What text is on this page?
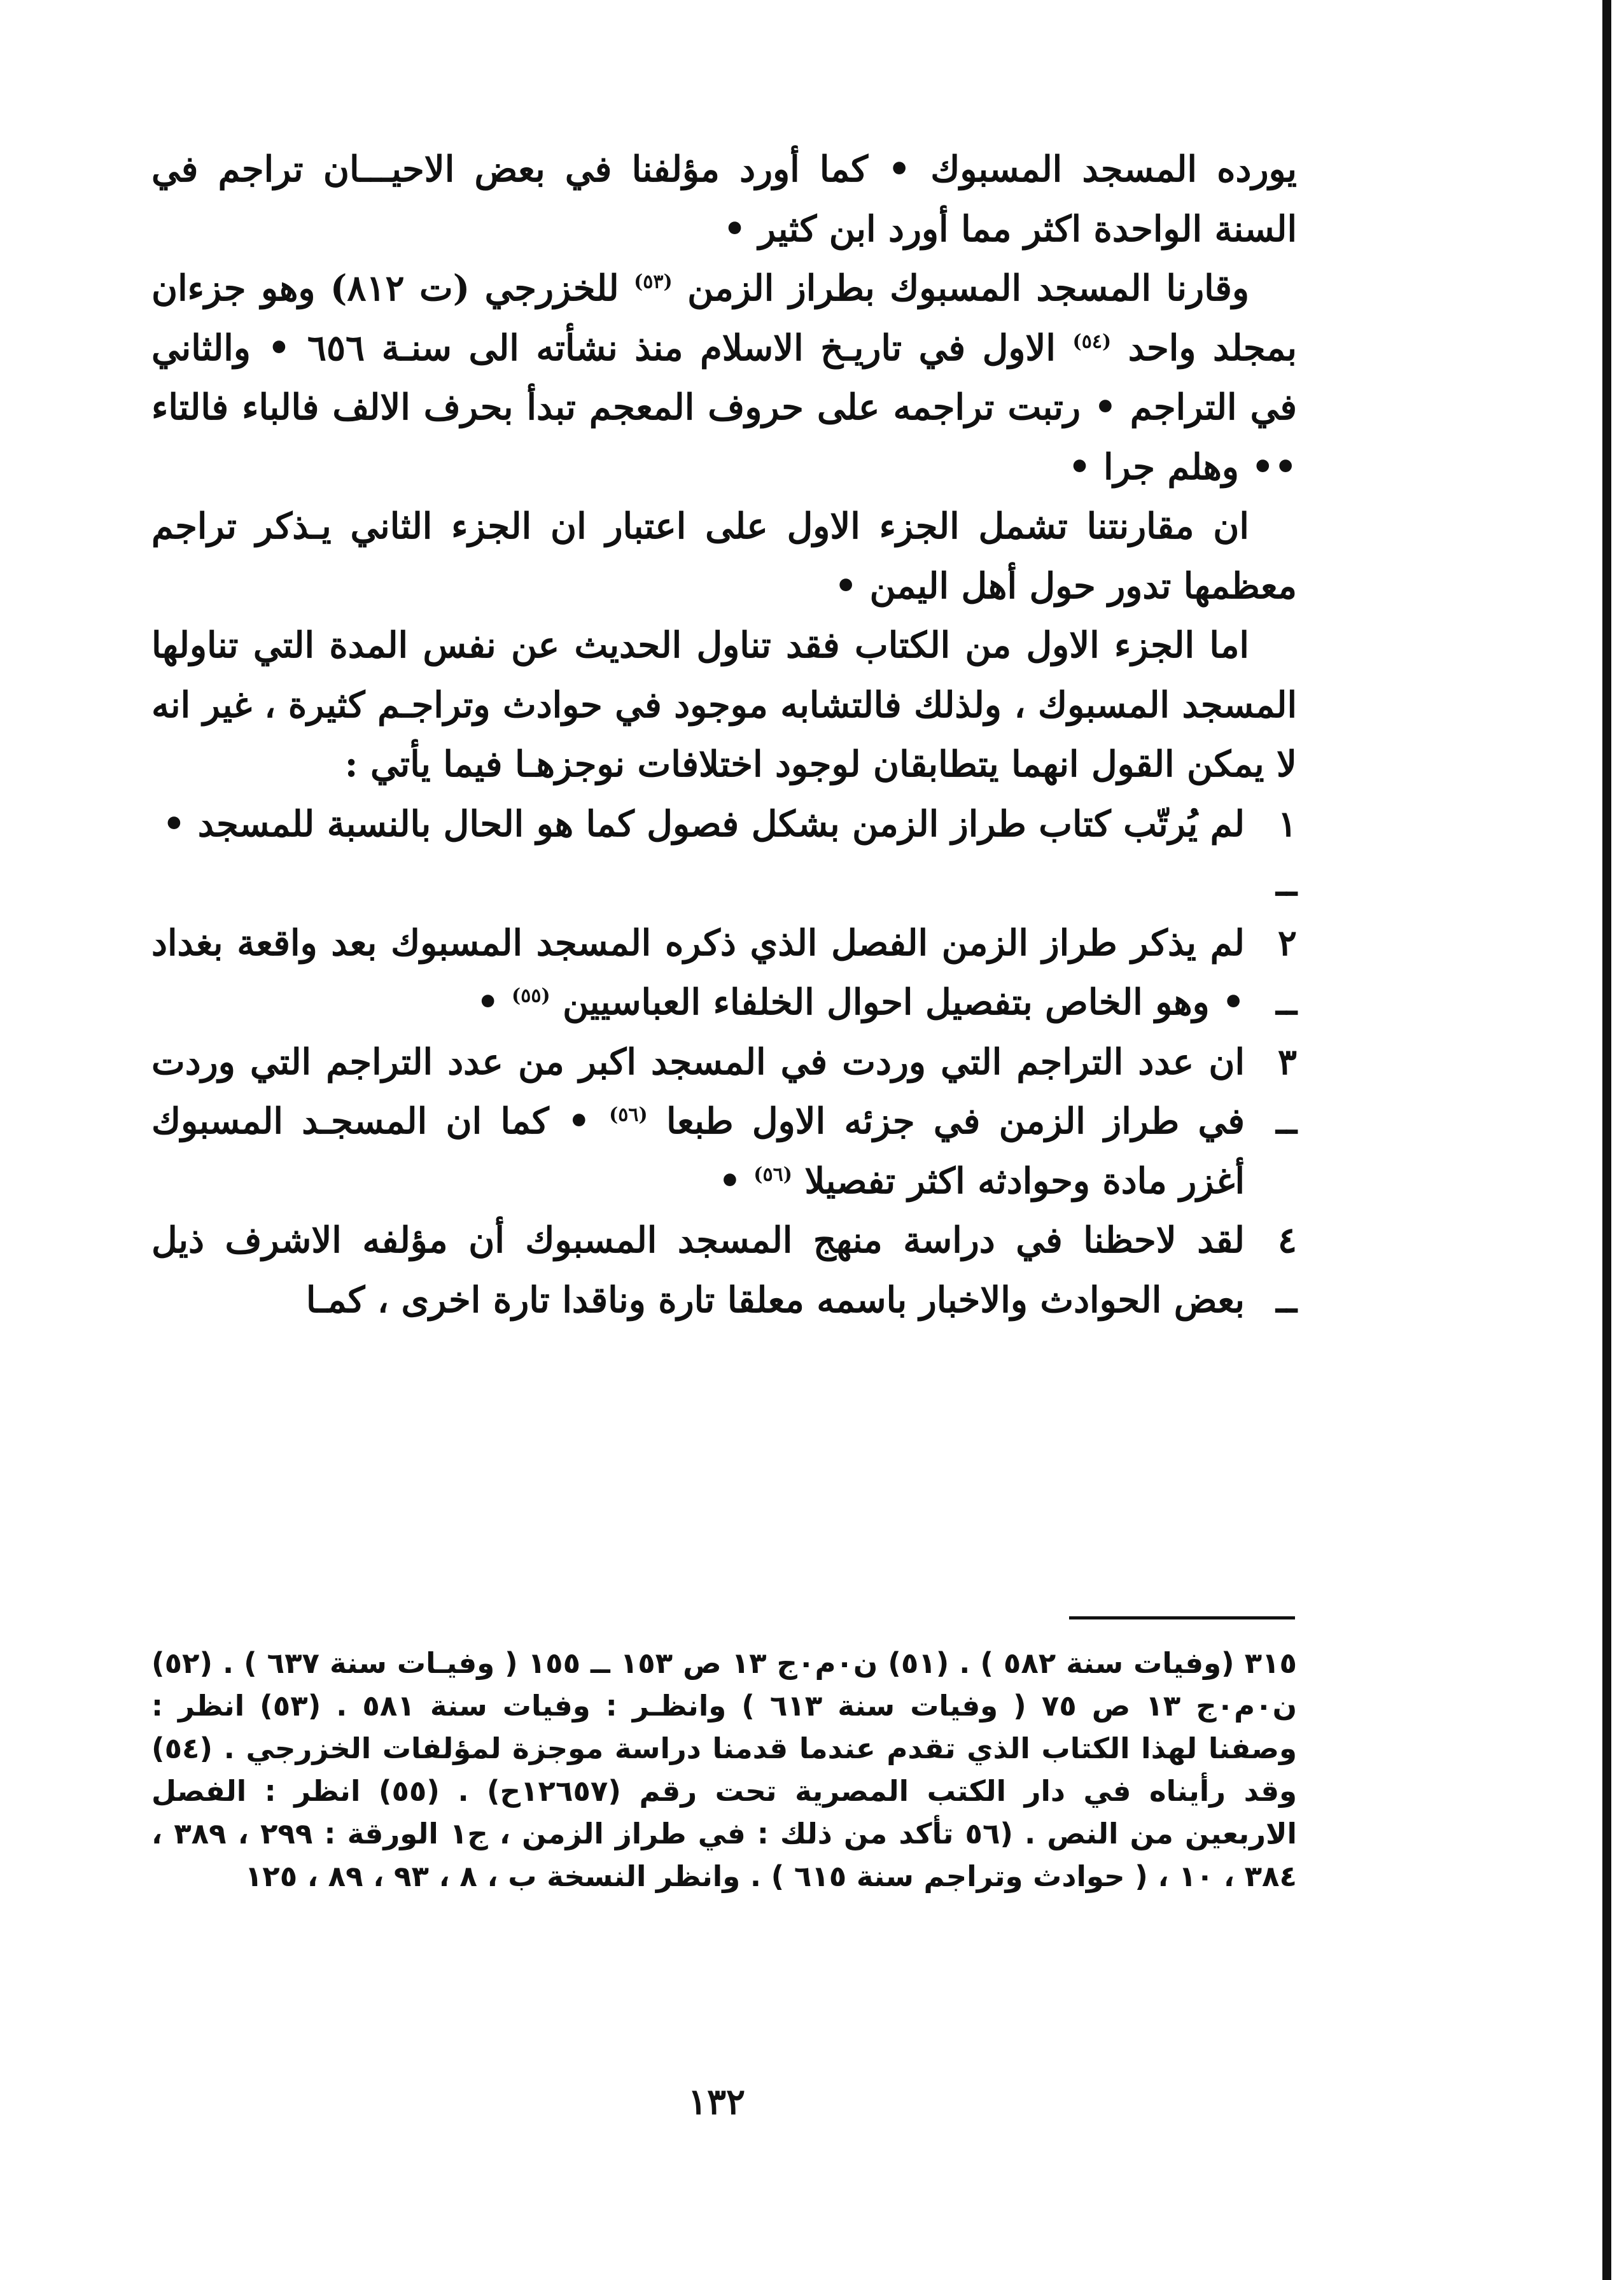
يورده المسجد المسبوك • كما أورد مؤلفنا في بعض الاحيـــان تراجم في السنة الواحدة اكثر مما أورد ابن كثير •

وقارنا المسجد المسبوك بطراز الزمن $^{(٥٣)}$ للخزرجي (ت ٨١٢) وهو جزءان بمجلد واحد $^{(٥٤)}$ الاول في تاريـخ الاسلام منذ نشأته الى سنـة ٦٥٦ • والثاني في التراجم • رتبت تراجمه على حروف المعجم تبدأ بحرف الالف فالباء فالتاء •• وهلم جرا •

ان مقارنتنا تشمل الجزء الاول على اعتبار ان الجزء الثاني يـذكر تراجم معظمها تدور حول أهل اليمن •

اما الجزء الاول من الكتاب فقد تناول الحديث عن نفس المدة التي تناولها المسجد المسبوك ، ولذلك فالتشابه موجود في حوادث وتراجـم كثيرة ، غير انه لا يمكن القول انهما يتطابقان لوجود اختلافات نوجزهـا فيما يأتي :

١ ــ

لم يُرتّب كتاب طراز الزمن بشكل فصول كما هو الحال بالنسبة للمسجد •

٢ ــ

لم يذكر طراز الزمن الفصل الذي ذكره المسجد المسبوك بعد واقعة بغداد • وهو الخاص بتفصيل احوال الخلفاء العباسيين $^{(٥٥)}$ •

٣ ــ

ان عدد التراجم التي وردت في المسجد اكبر من عدد التراجم التي وردت في طراز الزمن في جزئه الاول طبعا $^{(٥٦)}$ • كما ان المسجـد المسبوك أغزر مادة وحوادثه اكثر تفصيلا $^{(٥٦)}$ •

٤ ــ

لقد لاحظنا في دراسة منهج المسجد المسبوك أن مؤلفه الاشرف ذيل بعض الحوادث والاخبار باسمه معلقا تارة وناقدا تارة اخرى ، كمـا

٣١٥ (وفيات سنة ٥٨٢ ) . (٥١) ن٠م٠ج ١٣ ص ١٥٣ ــ ١٥٥ ( وفيـات سنة ٦٣٧ ) . (٥٢) ن٠م٠ج ١٣ ص ٧٥ ( وفيات سنة ٦١٣ ) وانظـر : وفيات سنة ٥٨١ . (٥٣) انظر : وصفنا لهذا الكتاب الذي تقدم عندما قدمنا دراسة موجزة لمؤلفات الخزرجي . (٥٤) وقد رأيناه في دار الكتب المصرية تحت رقم (١٢٦٥٧ح) . (٥٥) انظر : الفصل الاربعين من النص . (٥٦ تأكد من ذلك : في طراز الزمن ، ج١ الورقة : ٢٩٩ ، ٣٨٩ ، ٣٨٤ ، ١٠ ، ( حوادث وتراجم سنة ٦١٥ ) . وانظر النسخة ب ، ٨ ، ٩٣ ، ٨٩ ، ١٢٥
١٣٢
